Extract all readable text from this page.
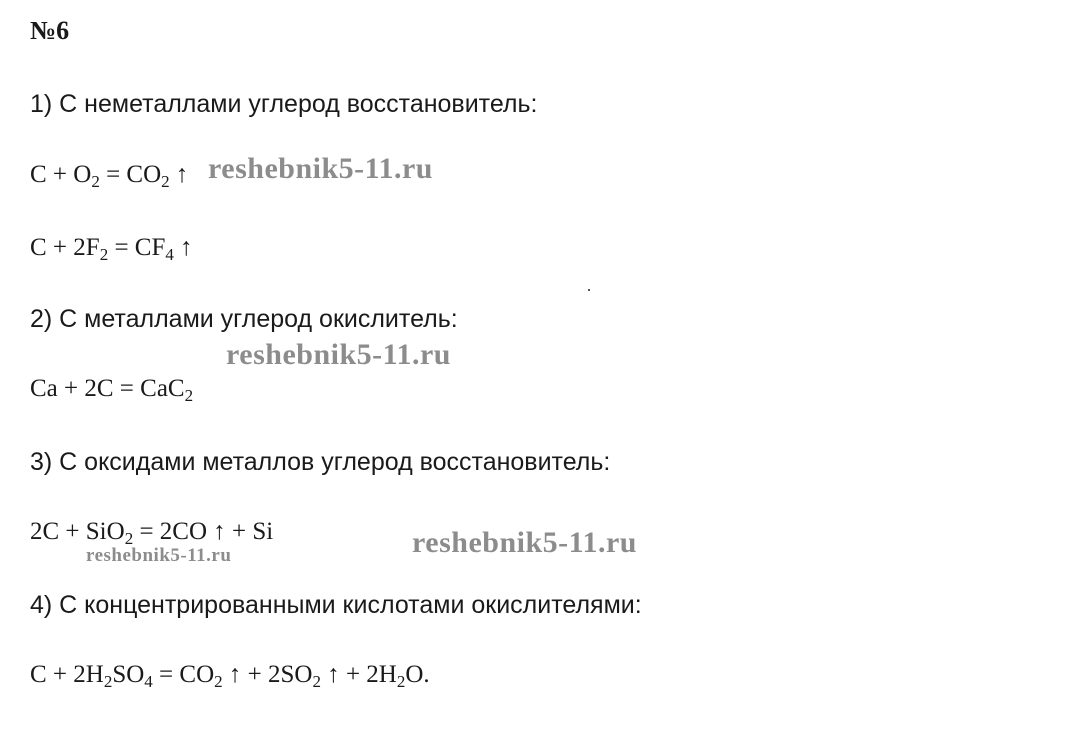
№6
1) С неметаллами углерод восстановитель:
$C + O_2 = CO_2$ ↑
$C + 2F_2 = CF_4$ ↑
2) С металлами углерод окислитель:
Ca + 2C = CaC$_2$
3) С оксидами металлов углерод восстановитель:
2C + SiO$_2$ = 2CO ↑ + Si
4) С концентрированными кислотами окислителями:
$C + 2H_2SO_4 = CO_2$ ↑ + $2SO_2$ ↑ + $2H_2O$.
reshebnik5-11.ru
reshebnik5-11.ru
reshebnik5-11.ru	reshebnik5-11.ru
